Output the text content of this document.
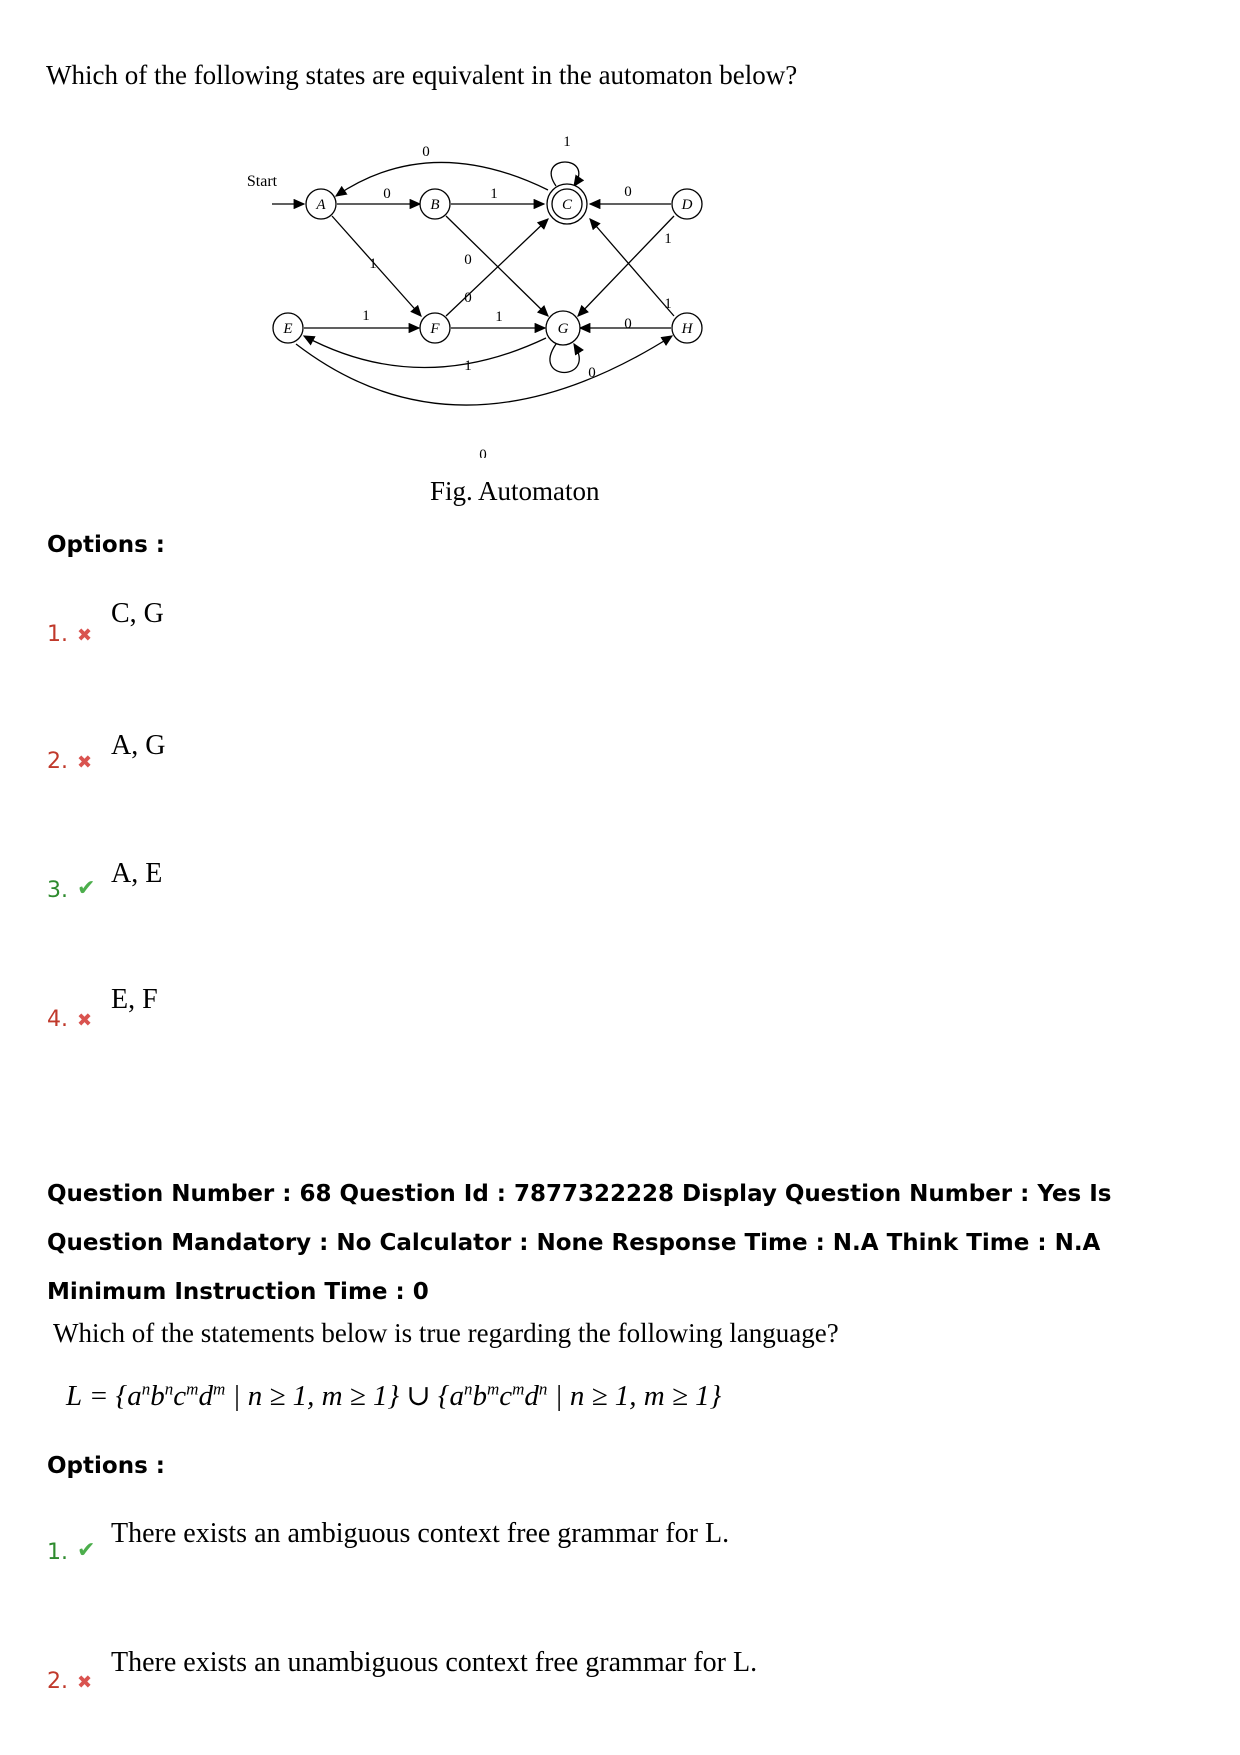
Which of the following states are equivalent in the automaton below?
A	B	C	D
E	F	G	H
Start
0
1	0
1
0
1
0
1
0
1
0
1
0
1
0
1
Fig. Automaton
Options :
1. ✖
C, G
2. ✖
A, G
3. ✔ A, E
4. ✖
E, F
Question Number : 68 Question Id : 7877322228 Display Question Number : Yes Is Question Mandatory : No Calculator : None Response Time : N.A Think Time : N.A Minimum Instruction Time : 0
Which of the statements below is true regarding the following language?
$L = \{a^nb^nc^md^m$ | n ≥ 1, m ≥ 1} ∪ {$a^nb^mc^md^n$ | n ≥ 1, m ≥ 1}
Options :
1. ✔
There exists an ambiguous context free grammar for L.
2. ✖
There exists an unambiguous context free grammar for L.
